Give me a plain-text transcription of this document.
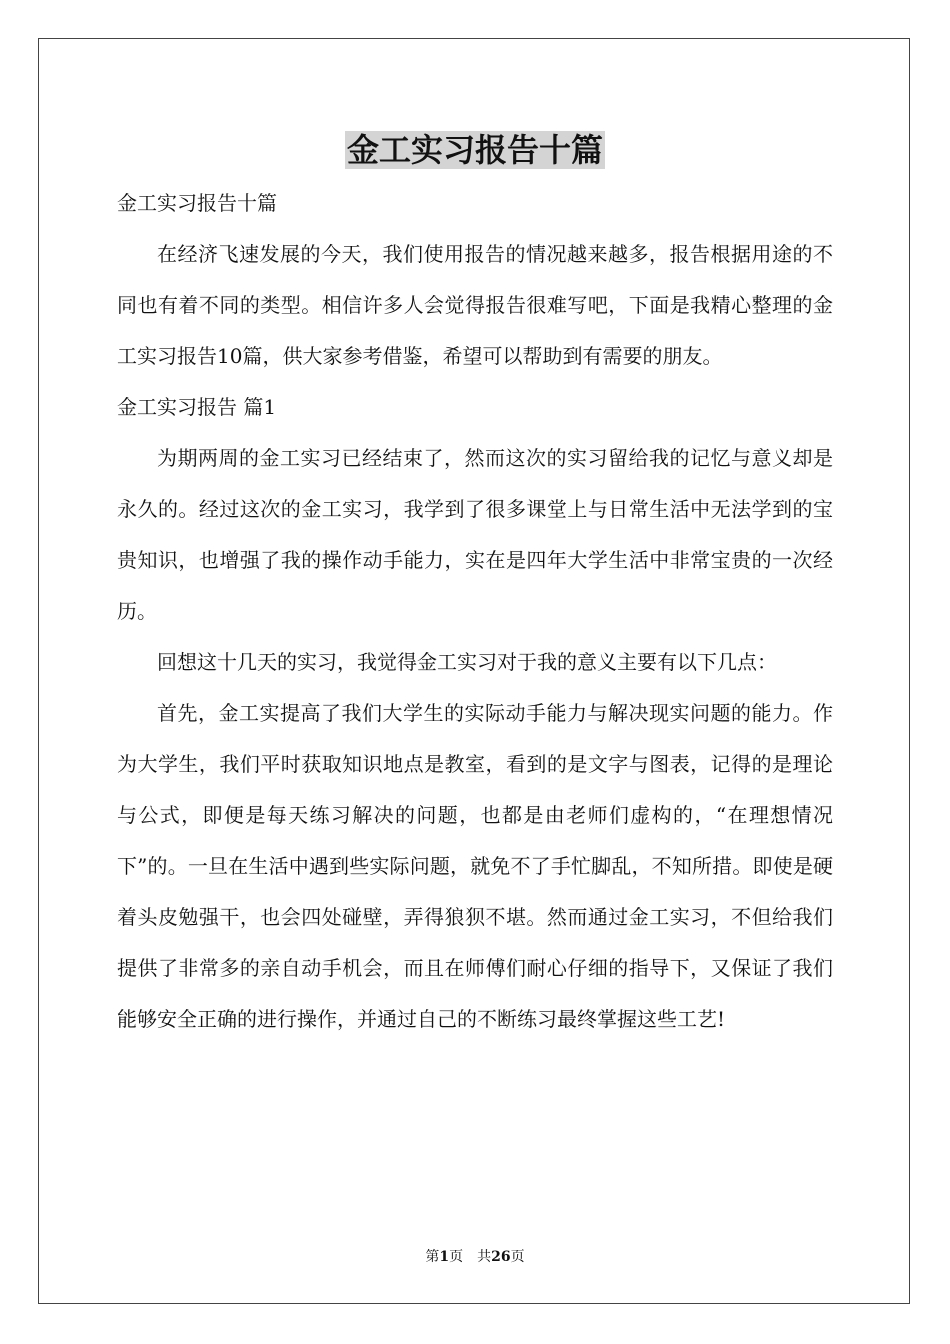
金工实习报告十篇

金工实习报告十篇

在经济飞速发展的今天，我们使用报告的情况越来越多，报告根据用途的不同也有着不同的类型。相信许多人会觉得报告很难写吧，下面是我精心整理的金工实习报告10篇，供大家参考借鉴，希望可以帮助到有需要的朋友。

金工实习报告 篇1

为期两周的金工实习已经结束了，然而这次的实习留给我的记忆与意义却是永久的。经过这次的金工实习，我学到了很多课堂上与日常生活中无法学到的宝贵知识，也增强了我的操作动手能力，实在是四年大学生活中非常宝贵的一次经历。

回想这十几天的实习，我觉得金工实习对于我的意义主要有以下几点：

首先，金工实提高了我们大学生的实际动手能力与解决现实问题的能力。作为大学生，我们平时获取知识地点是教室，看到的是文字与图表，记得的是理论与公式，即便是每天练习解决的问题，也都是由老师们虚构的，“在理想情况下”的。一旦在生活中遇到些实际问题，就免不了手忙脚乱，不知所措。即使是硬着头皮勉强干，也会四处碰壁，弄得狼狈不堪。然而通过金工实习，不但给我们提供了非常多的亲自动手机会，而且在师傅们耐心仔细的指导下，又保证了我们能够安全正确的进行操作，并通过自己的不断练习最终掌握这些工艺!

第1页　共26页
